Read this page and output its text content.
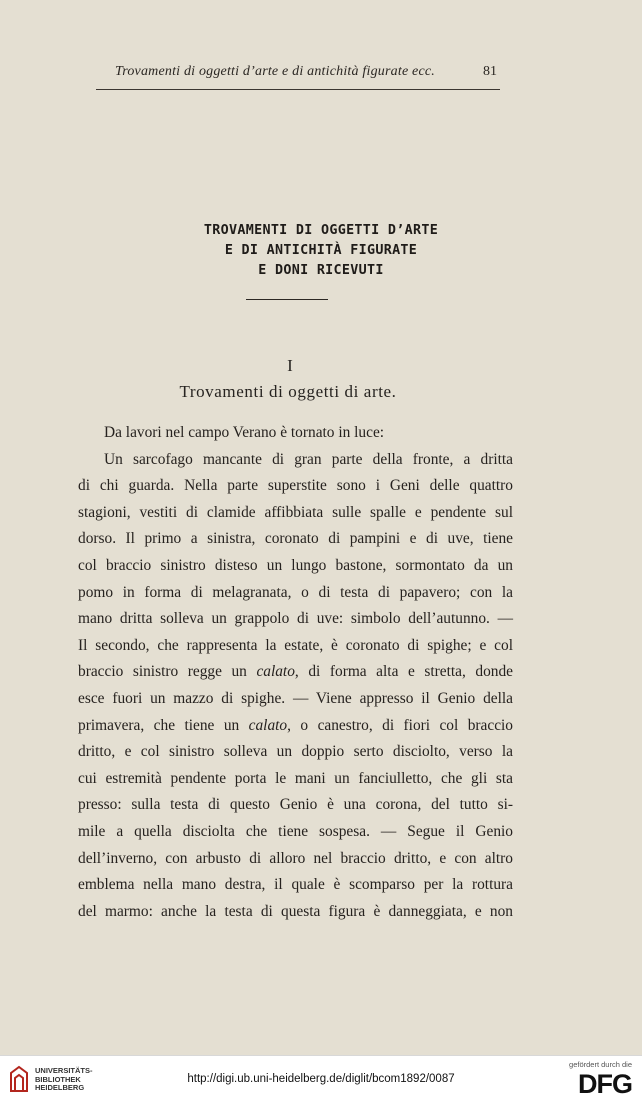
Trovamenti di oggetti d’arte e di antichità figurate ecc.	81
TROVAMENTI DI OGGETTI D’ARTE
E DI ANTICHITÀ FIGURATE
E DONI RICEVUTI
I
Trovamenti di oggetti di arte.
Da lavori nel campo Verano è tornato in luce:
Un sarcofago mancante di gran parte della fronte, a dritta
di chi guarda. Nella parte superstite sono i Geni delle quattro
stagioni, vestiti di clamide affibbiata sulle spalle e pendente sul
dorso. Il primo a sinistra, coronato di pampini e di uve, tiene
col braccio sinistro disteso un lungo bastone, sormontato da un
pomo in forma di melagranata, o di testa di papavero; con la
mano dritta solleva un grappolo di uve: simbolo dell’autunno. —
Il secondo, che rappresenta la estate, è coronato di spighe; e col
braccio sinistro regge un calato, di forma alta e stretta, donde
esce fuori un mazzo di spighe. — Viene appresso il Genio della
primavera, che tiene un calato, o canestro, di fiori col braccio
dritto, e col sinistro solleva un doppio serto disciolto, verso la
cui estremità pendente porta le mani un fanciulletto, che gli sta
presso: sulla testa di questo Genio è una corona, del tutto si-
mile a quella disciolta che tiene sospesa. — Segue il Genio
dell’inverno, con arbusto di alloro nel braccio dritto, e con altro
emblema nella mano destra, il quale è scomparso per la rottura
del marmo: anche la testa di questa figura è danneggiata, e non
UNIVERSITÄTS-
BIBLIOTHEK
HEIDELBERG
http://digi.ub.uni-heidelberg.de/diglit/bcom1892/0087
gefördert durch die
DFG
